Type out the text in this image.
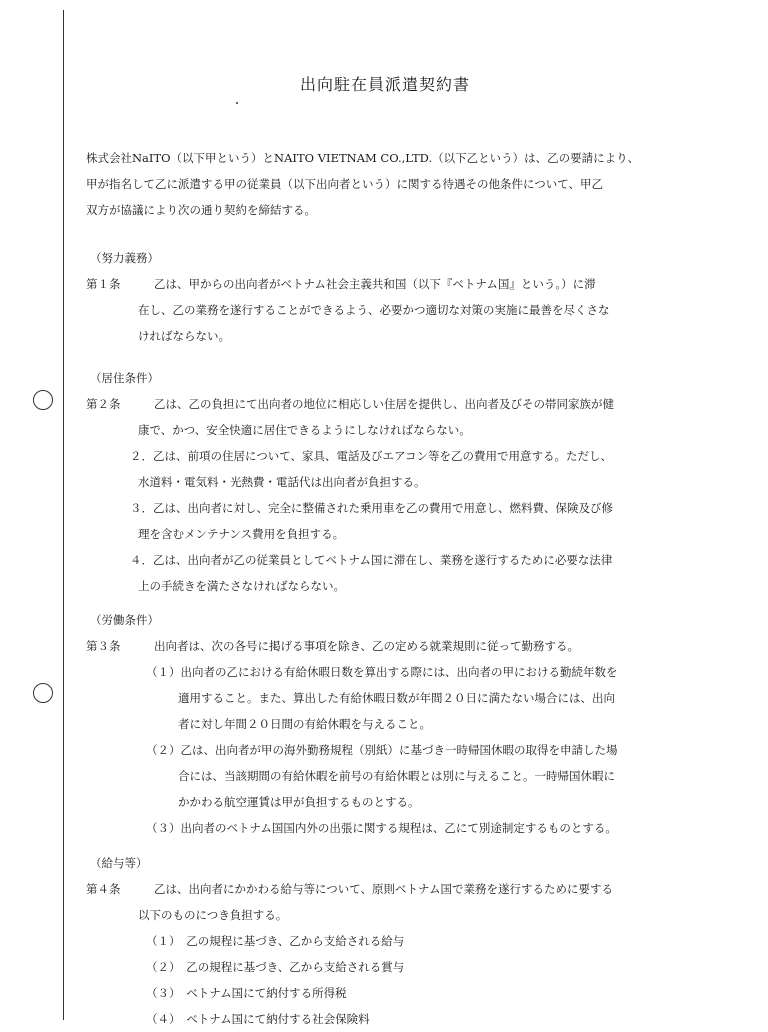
出向駐在員派遣契約書
株式会社NaITO（以下甲という）とNAITO VIETNAM CO.,LTD.（以下乙という）は、乙の要請により、
甲が指名して乙に派遣する甲の従業員（以下出向者という）に関する待遇その他条件について、甲乙
双方が協議により次の通り契約を締結する。
（努力義務）
第１条	乙は、甲からの出向者がベトナム社会主義共和国（以下『ベトナム国』という。）に滞
在し、乙の業務を遂行することができるよう、必要かつ適切な対策の実施に最善を尽くさな
ければならない。
（居住条件）
第２条	乙は、乙の負担にて出向者の地位に相応しい住居を提供し、出向者及びその帯同家族が健
康で、かつ、安全快適に居住できるようにしなければならない。
２．乙は、前項の住居について、家具、電話及びエアコン等を乙の費用で用意する。ただし、
水道料・電気料・光熱費・電話代は出向者が負担する。
３．乙は、出向者に対し、完全に整備された乗用車を乙の費用で用意し、燃料費、保険及び修
理を含むメンテナンス費用を負担する。
４．乙は、出向者が乙の従業員としてベトナム国に滞在し、業務を遂行するために必要な法律
上の手続きを満たさなければならない。
（労働条件）
第３条	出向者は、次の各号に掲げる事項を除き、乙の定める就業規則に従って勤務する。
（１）出向者の乙における有給休暇日数を算出する際には、出向者の甲における勤続年数を
適用すること。また、算出した有給休暇日数が年間２０日に満たない場合には、出向
者に対し年間２０日間の有給休暇を与えること。
（２）乙は、出向者が甲の海外勤務規程（別紙）に基づき一時帰国休暇の取得を申請した場
合には、当該期間の有給休暇を前号の有給休暇とは別に与えること。一時帰国休暇に
かかわる航空運賃は甲が負担するものとする。
（３）出向者のベトナム国国内外の出張に関する規程は、乙にて別途制定するものとする。
（給与等）
第４条	乙は、出向者にかかわる給与等について、原則ベトナム国で業務を遂行するために要する
以下のものにつき負担する。
（１）　乙の規程に基づき、乙から支給される給与
（２）　乙の規程に基づき、乙から支給される賞与
（３）　ベトナム国にて納付する所得税
（４）　ベトナム国にて納付する社会保険料
